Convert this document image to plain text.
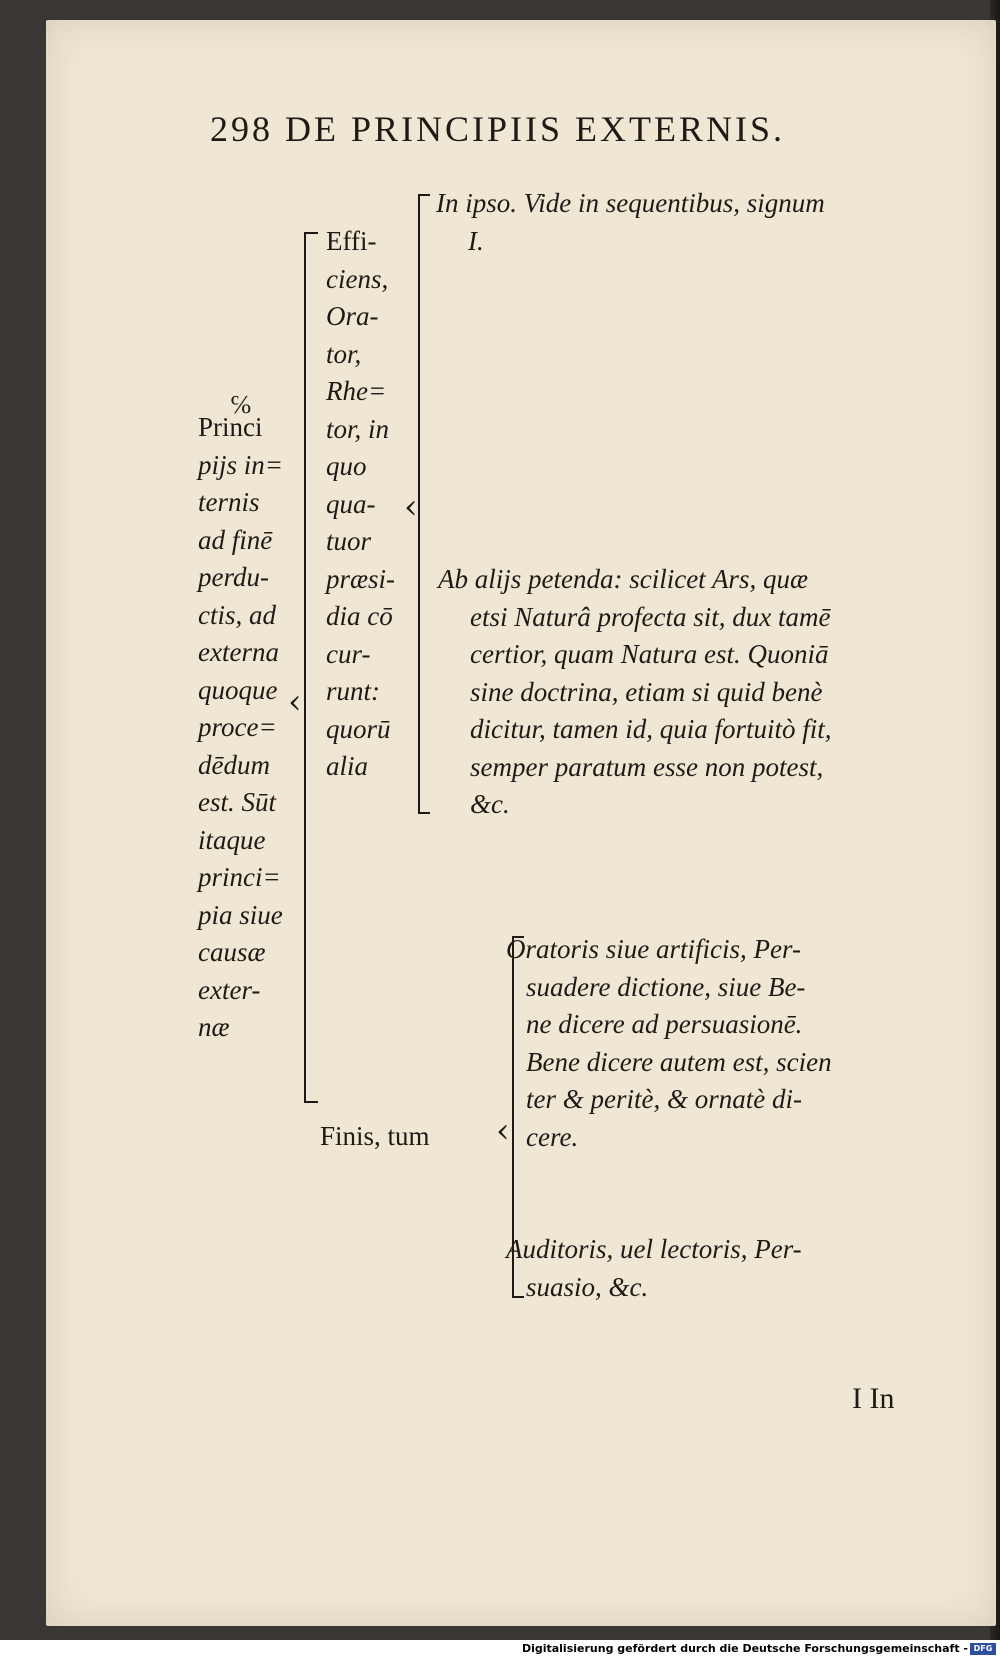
298 DE PRINCIPIIS EXTERNIS.
℅
Princi
pijs in=
ternis
ad finē
perdu-
ctis, ad
externa
quoque
proce=
dēdum
est. Sūt
itaque
princi=
pia siue
causæ
exter-
næ
‹
Effi-
ciens,
Ora-
tor,
Rhe=
tor, in
quo
qua-
tuor
præsi-
dia cō
cur-
runt:
quorū
alia
Finis, tum
‹
In ipso. Vide in sequentibus, signum
I.
Ab alijs petenda: scilicet Ars, quæ
etsi Naturâ profecta sit, dux tamē
certior, quam Natura est. Quoniā
sine doctrina, etiam si quid benè
dicitur, tamen id, quia fortuitò fit,
semper paratum esse non potest,
&c.
‹
Oratoris siue artificis, Per-
suadere dictione, siue Be-
ne dicere ad persuasionē.
Bene dicere autem est, scien
ter & peritè, & ornatè di-
cere.
Auditoris, uel lectoris, Per-
suasio, &c.
I In
Digitalisierung gefördert durch die Deutsche Forschungsgemeinschaft - DFG
